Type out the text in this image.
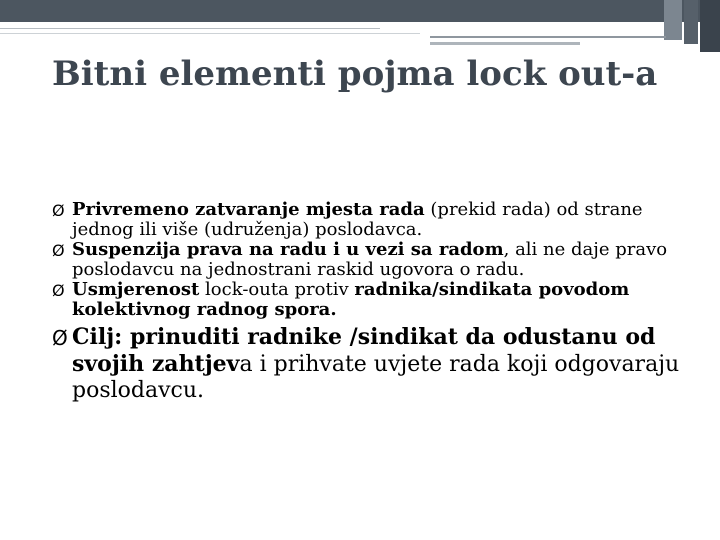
Bitni elementi pojma lock out-a
Ø Privremeno zatvaranje mjesta rada (prekid rada) od strane jednog ili više (udruženja) poslodavca.
Ø Suspenzija prava na radu i u vezi sa radom, ali ne daje pravo poslodavcu na jednostrani raskid ugovora o radu.
Ø Usmjerenost lock-outa protiv radnika/sindikata povodom kolektivnog radnog spora.
Ø Cilj: prinuditi radnike /sindikat da odustanu od svojih zahtjeva i prihvate uvjete rada koji odgovaraju poslodavcu.
